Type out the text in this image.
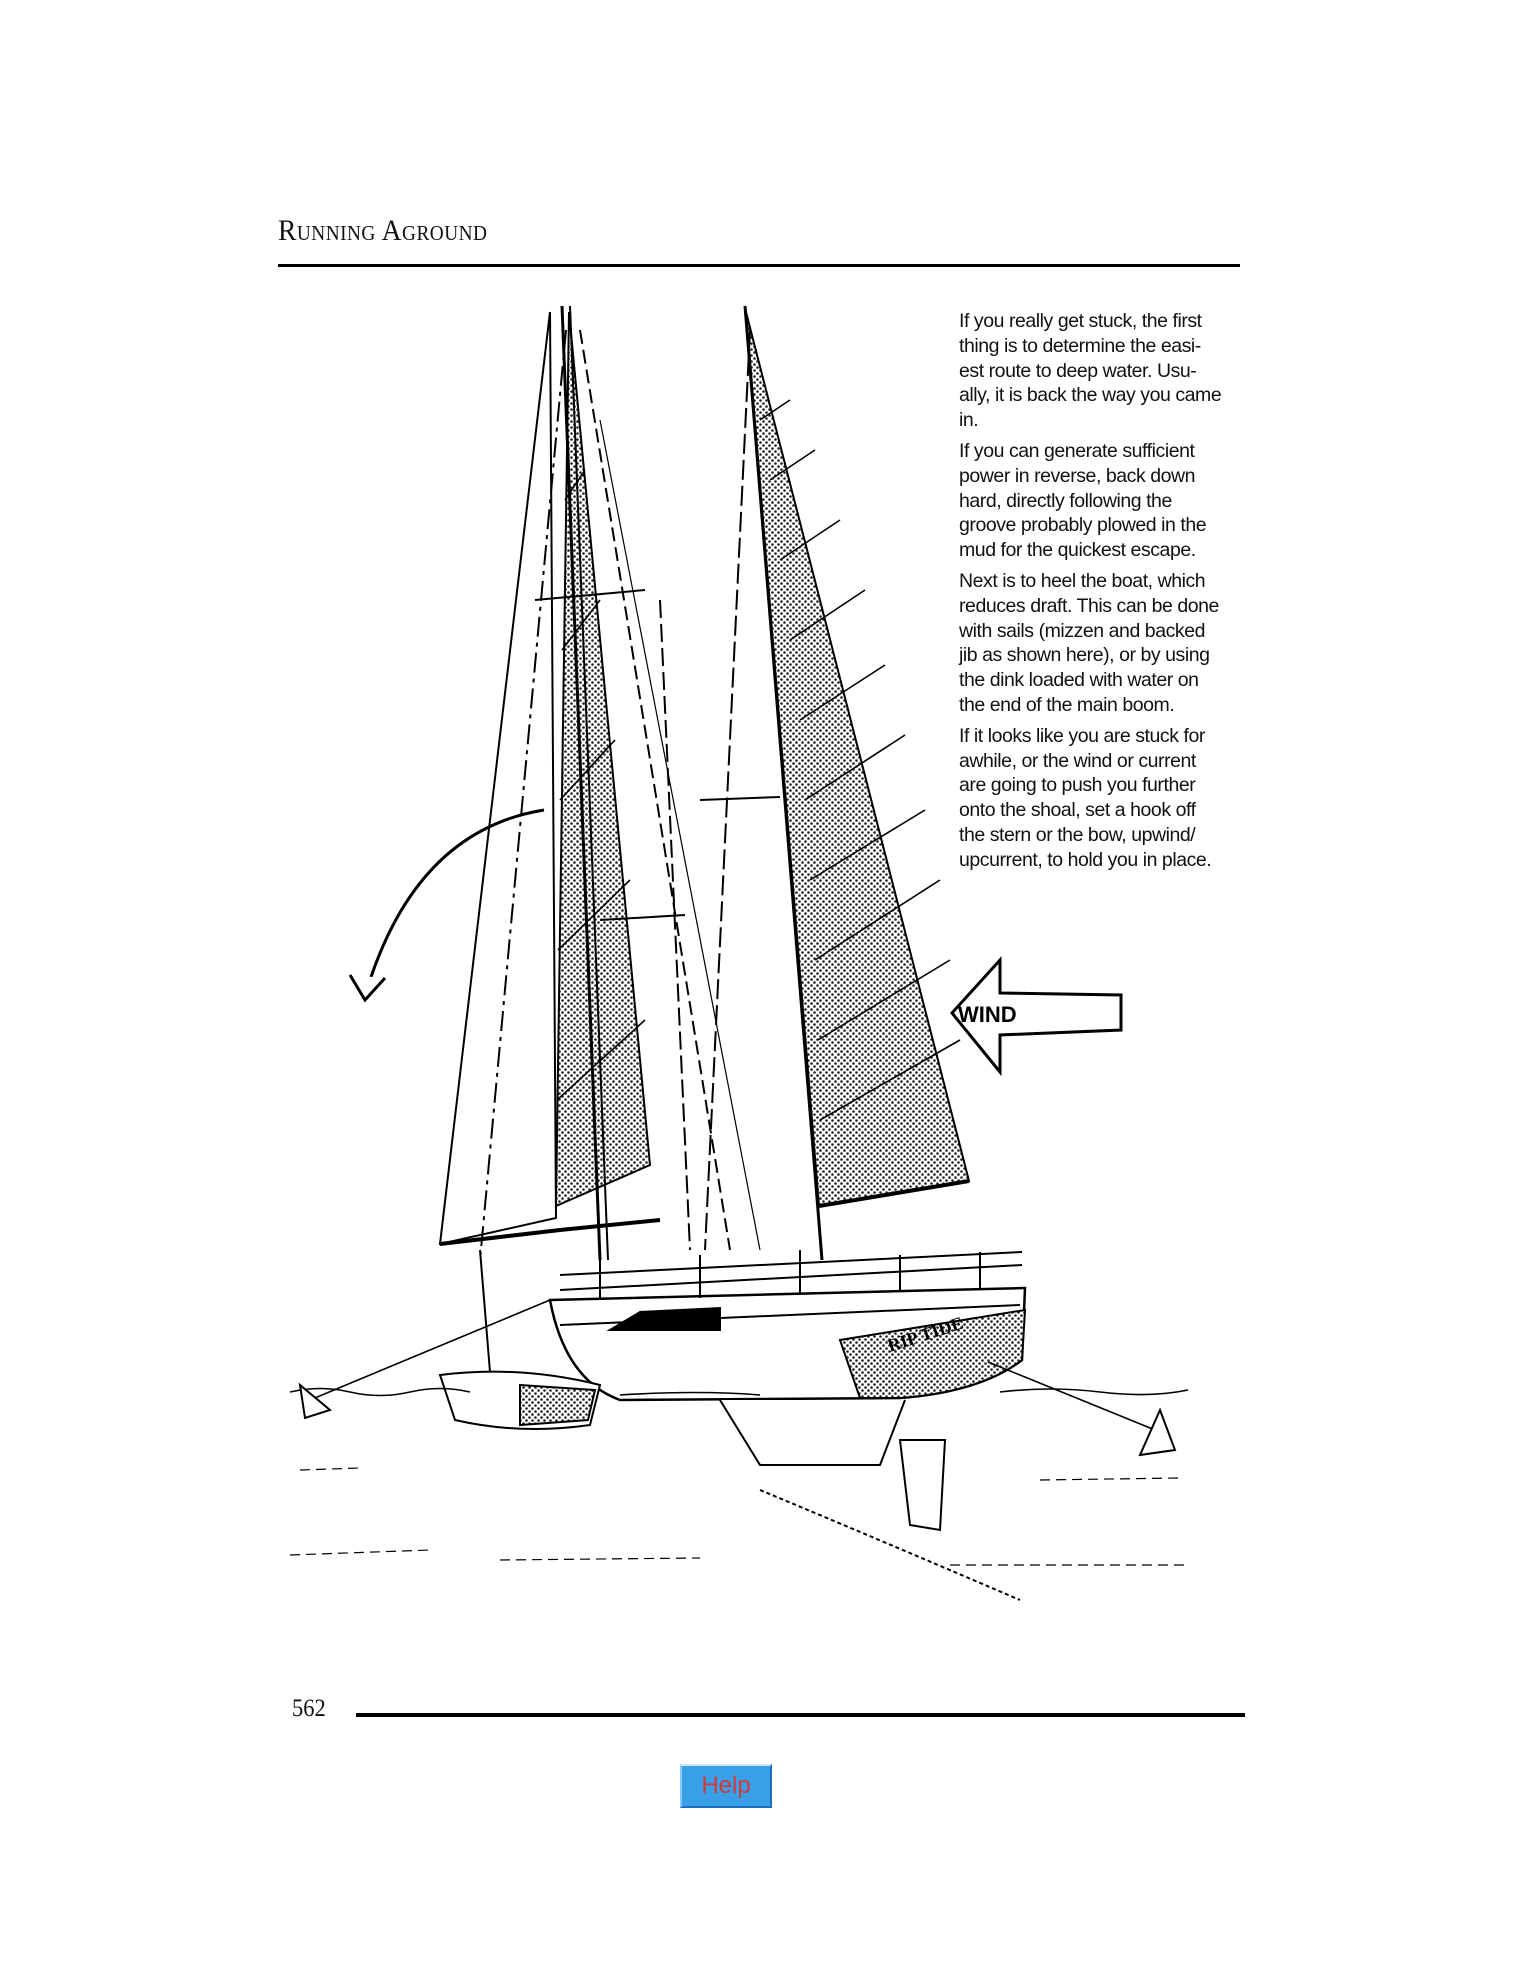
Running Aground
WIND
RIP TIDE

If you really get stuck, the first
thing is to determine the easi-
est route to deep water. Usu-
ally, it is back the way you came
in.

If you can generate sufficient
power in reverse, back down
hard, directly following the
groove probably plowed in the
mud for the quickest escape.

Next is to heel the boat, which
reduces draft. This can be done
with sails (mizzen and backed
jib as shown here), or by using
the dink loaded with water on
the end of the main boom.

If it looks like you are stuck for
awhile, or the wind or current
are going to push you further
onto the shoal, set a hook off
the stern or the bow, upwind/
upcurrent, to hold you in place.

562
Help
